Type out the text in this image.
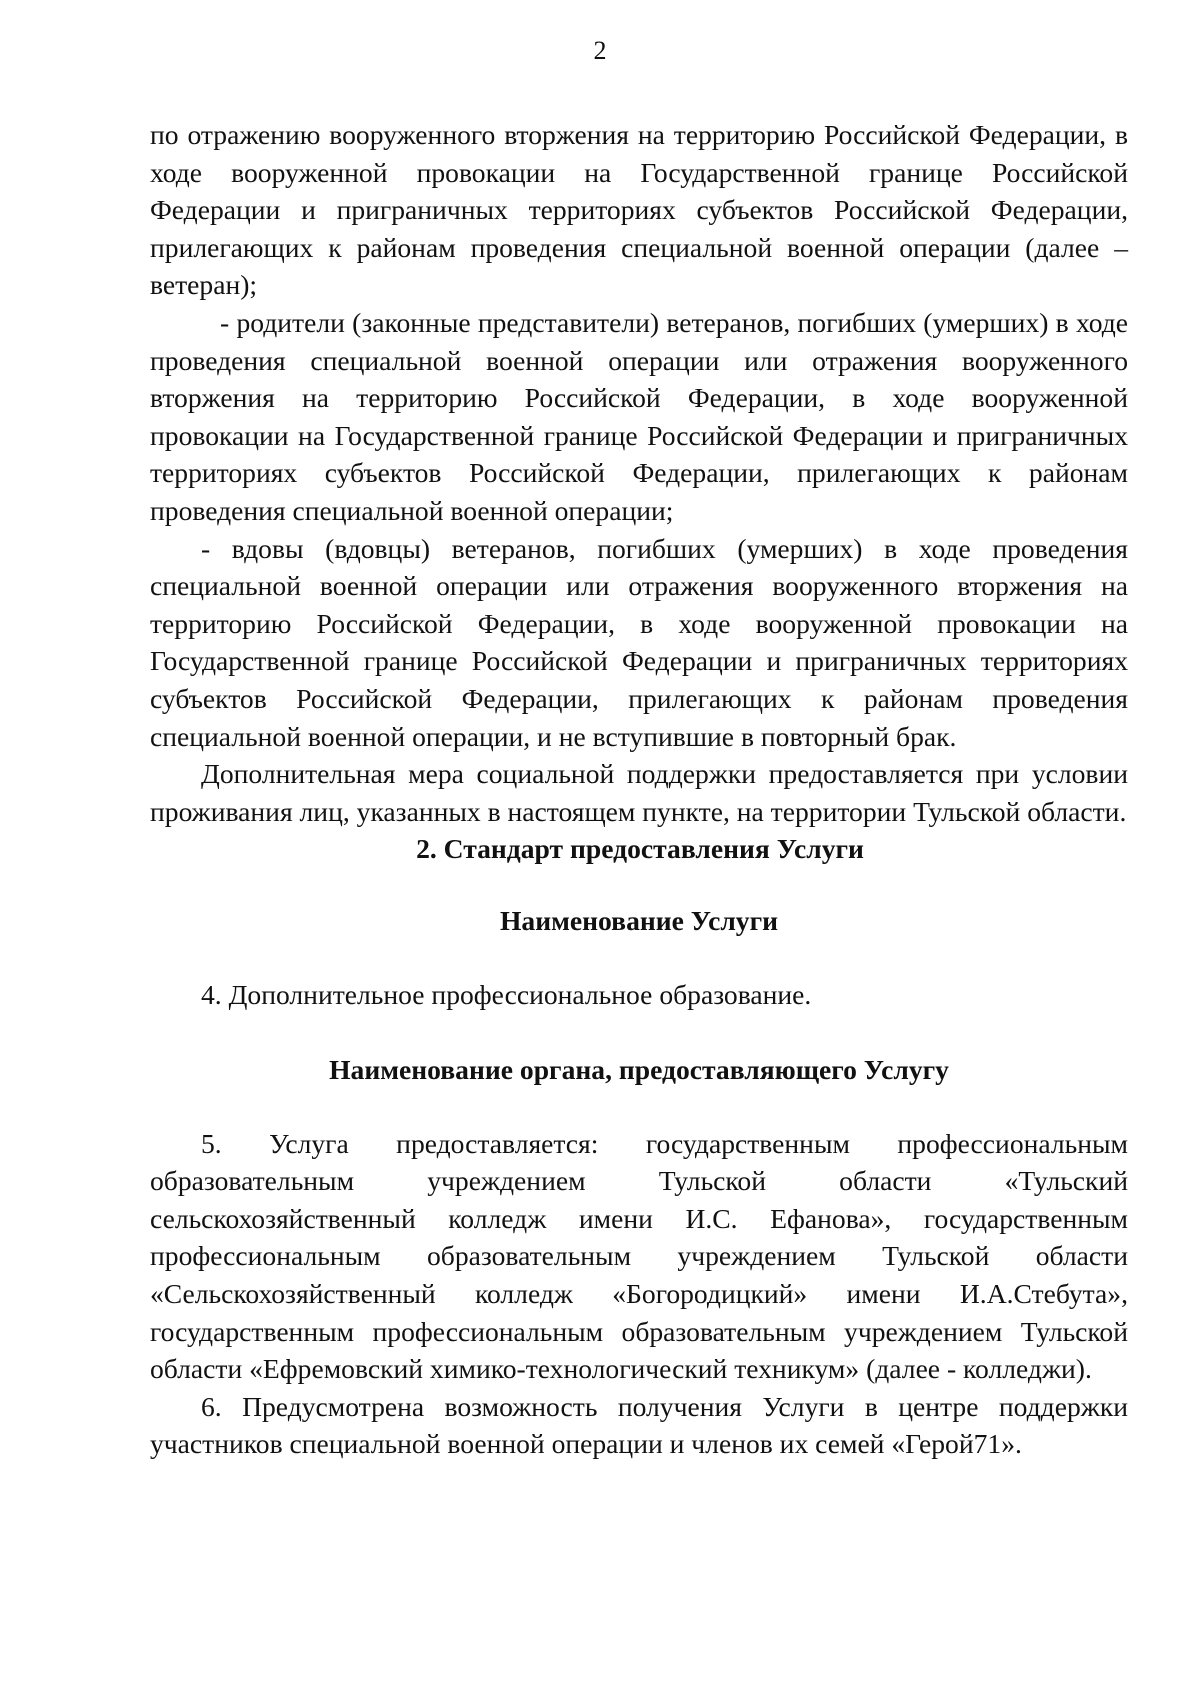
2

по отражению вооруженного вторжения на территорию Российской Федерации, в ходе вооруженной провокации на Государственной границе Российской Федерации и приграничных территориях субъектов Российской Федерации, прилегающих к районам проведения специальной военной операции (далее – ветеран);

- родители (законные представители) ветеранов, погибших (умерших) в ходе проведения специальной военной операции или отражения вооруженного вторжения на территорию Российской Федерации, в ходе вооруженной провокации на Государственной границе Российской Федерации и приграничных территориях субъектов Российской Федерации, прилегающих к районам проведения специальной военной операции;

- вдовы (вдовцы) ветеранов, погибших (умерших) в ходе проведения специальной военной операции или отражения вооруженного вторжения на территорию Российской Федерации, в ходе вооруженной провокации на Государственной границе Российской Федерации и приграничных территориях субъектов Российской Федерации, прилегающих к районам проведения специальной военной операции, и не вступившие в повторный брак.

Дополнительная мера социальной поддержки предоставляется при условии проживания лиц, указанных в настоящем пункте, на территории Тульской области.

2. Стандарт предоставления Услуги

Наименование Услуги

4. Дополнительное профессиональное образование.

Наименование органа, предоставляющего Услугу

5. Услуга предоставляется: государственным профессиональным образовательным учреждением Тульской области «Тульский сельскохозяйственный колледж имени И.С. Ефанова», государственным профессиональным образовательным учреждением Тульской области «Сельскохозяйственный колледж «Богородицкий» имени И.А.Стебута», государственным профессиональным образовательным учреждением Тульской области «Ефремовский химико-технологический техникум» (далее - колледжи).

6. Предусмотрена возможность получения Услуги в центре поддержки участников специальной военной операции и членов их семей «Герой71».
